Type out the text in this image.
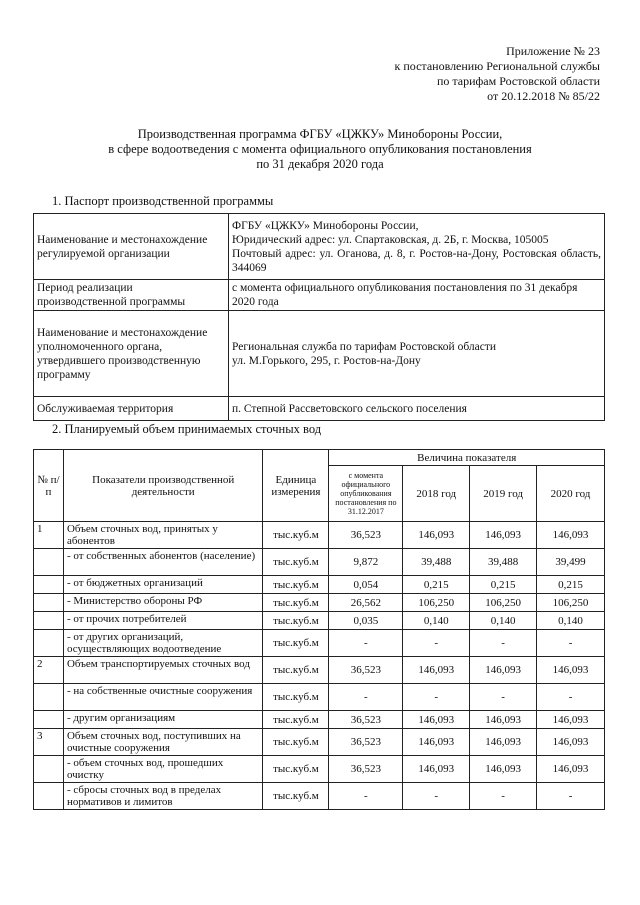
Приложение № 23
к постановлению Региональной службы
по тарифам Ростовской области
от 20.12.2018 № 85/22
Производственная программа ФГБУ «ЦЖКУ» Минобороны России,
в сфере водоотведения с момента официального опубликования постановления
по 31 декабря 2020 года
1. Паспорт производственной программы
Наименование и местонахождение регулируемой организации	ФГБУ «ЦЖКУ» Минобороны России,
Юридический адрес: ул. Спартаковская, д. 2Б, г. Москва, 105005
Почтовый адрес: ул. Оганова, д. 8, г. Ростов-на-Дону, Ростовская область, 344069

Период реализации производственной программы	с момента официального опубликования постановления по 31 декабря 2020 года

Наименование и местонахождение уполномоченного органа, утвердившего производственную программу	Региональная служба по тарифам Ростовской области
ул. М.Горького, 295, г. Ростов-на-Дону

Обслуживаемая территория	п. Степной Рассветовского сельского поселения
2. Планируемый объем принимаемых сточных вод
№ п/п	Показатели производственной деятельности	Единица измерения	Величина показателя			
			с момента официального опубликования постановления по 31.12.2017	2018 год	2019 год	2020 год
1	Объем сточных вод, принятых у абонентов	тыс.куб.м	36,523	146,093	146,093	146,093
	- от собственных абонентов (население)	тыс.куб.м	9,872	39,488	39,488	39,499
	- от бюджетных организаций	тыс.куб.м	0,054	0,215	0,215	0,215
	- Министерство обороны РФ	тыс.куб.м	26,562	106,250	106,250	106,250
	- от прочих потребителей	тыс.куб.м	0,035	0,140	0,140	0,140
	- от других организаций, осуществляющих водоотведение	тыс.куб.м	-	-	-	-
2	Объем транспортируемых сточных вод	тыс.куб.м	36,523	146,093	146,093	146,093
	- на собственные очистные сооружения	тыс.куб.м	-	-	-	-
	- другим организациям	тыс.куб.м	36,523	146,093	146,093	146,093
3	Объем сточных вод, поступивших на очистные сооружения	тыс.куб.м	36,523	146,093	146,093	146,093
	- объем сточных вод, прошедших очистку	тыс.куб.м	36,523	146,093	146,093	146,093
	- сбросы сточных вод в пределах нормативов и лимитов	тыс.куб.м	-	-	-	-
